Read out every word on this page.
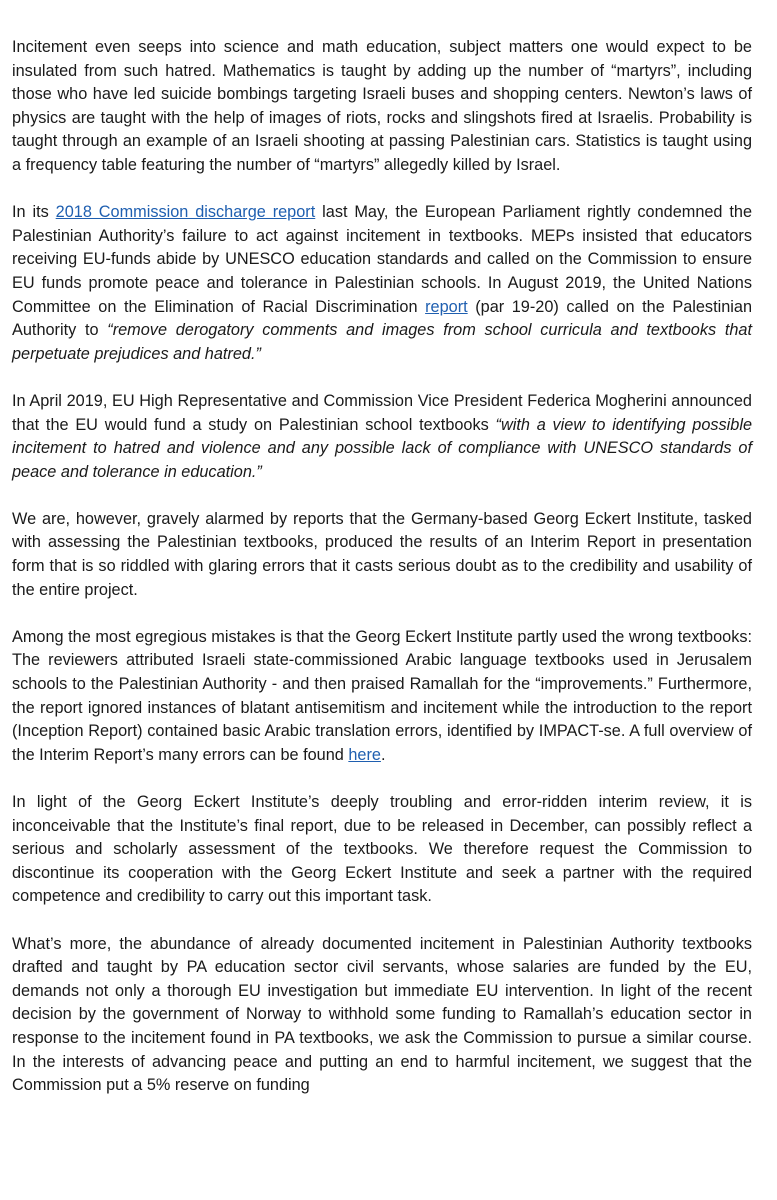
Incitement even seeps into science and math education, subject matters one would expect to be insulated from such hatred. Mathematics is taught by adding up the number of “martyrs”, including those who have led suicide bombings targeting Israeli buses and shopping centers. Newton’s laws of physics are taught with the help of images of riots, rocks and slingshots fired at Israelis. Probability is taught through an example of an Israeli shooting at passing Palestinian cars. Statistics is taught using a frequency table featuring the number of “martyrs” allegedly killed by Israel.

In its 2018 Commission discharge report last May, the European Parliament rightly condemned the Palestinian Authority’s failure to act against incitement in textbooks. MEPs insisted that educators receiving EU-funds abide by UNESCO education standards and called on the Commission to ensure EU funds promote peace and tolerance in Palestinian schools. In August 2019, the United Nations Committee on the Elimination of Racial Discrimination report (par 19-20) called on the Palestinian Authority to “remove derogatory comments and images from school curricula and textbooks that perpetuate prejudices and hatred.”

In April 2019, EU High Representative and Commission Vice President Federica Mogherini announced that the EU would fund a study on Palestinian school textbooks “with a view to identifying possible incitement to hatred and violence and any possible lack of compliance with UNESCO standards of peace and tolerance in education.”

We are, however, gravely alarmed by reports that the Germany-based Georg Eckert Institute, tasked with assessing the Palestinian textbooks, produced the results of an Interim Report in presentation form that is so riddled with glaring errors that it casts serious doubt as to the credibility and usability of the entire project.

Among the most egregious mistakes is that the Georg Eckert Institute partly used the wrong textbooks: The reviewers attributed Israeli state-commissioned Arabic language textbooks used in Jerusalem schools to the Palestinian Authority - and then praised Ramallah for the “improvements.” Furthermore, the report ignored instances of blatant antisemitism and incitement while the introduction to the report (Inception Report) contained basic Arabic translation errors, identified by IMPACT-se. A full overview of the Interim Report’s many errors can be found here.

In light of the Georg Eckert Institute’s deeply troubling and error-ridden interim review, it is inconceivable that the Institute’s final report, due to be released in December, can possibly reflect a serious and scholarly assessment of the textbooks. We therefore request the Commission to discontinue its cooperation with the Georg Eckert Institute and seek a partner with the required competence and credibility to carry out this important task.

What’s more, the abundance of already documented incitement in Palestinian Authority textbooks drafted and taught by PA education sector civil servants, whose salaries are funded by the EU, demands not only a thorough EU investigation but immediate EU intervention. In light of the recent decision by the government of Norway to withhold some funding to Ramallah’s education sector in response to the incitement found in PA textbooks, we ask the Commission to pursue a similar course. In the interests of advancing peace and putting an end to harmful incitement, we suggest that the Commission put a 5% reserve on funding
